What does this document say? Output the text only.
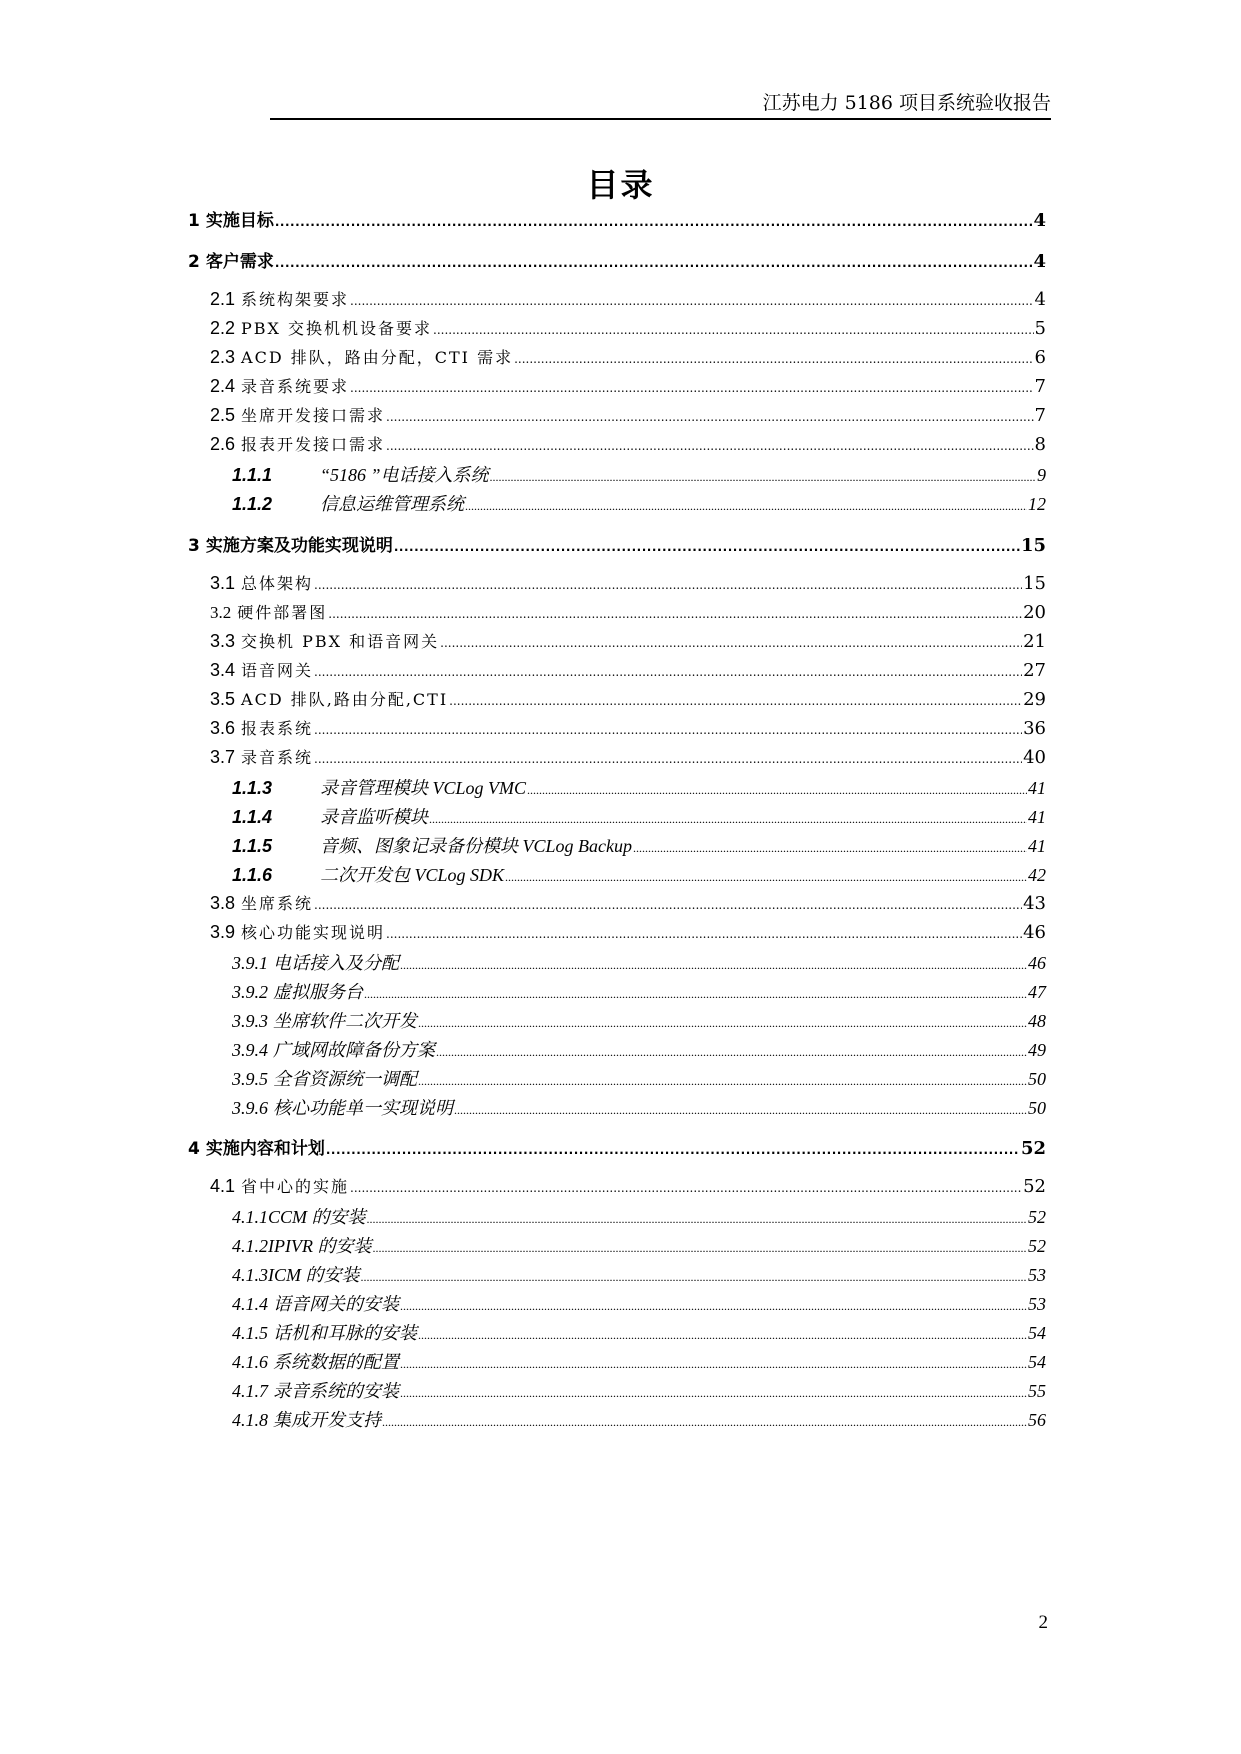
江苏电力 5186 项目系统验收报告
目录
1 实施目标 .....	4
2 客户需求 .....	4
2.1 系统构架要求 .....	4
2.2 PBX 交换机机设备要求 .....	5
2.3 ACD 排队，路由分配，CTI 需求 .....	6
2.4 录音系统要求 .....	7
2.5 坐席开发接口需求 .....	7
2.6 报表开发接口需求 .....	8
1.1.1	“5186 ”电话接入系统 .....	9
1.1.2	信息运维管理系统 .....	12
3 实施方案及功能实现说明 .....	15
3.1 总体架构 .....	15
3.2 硬件部署图 .....	20
3.3 交换机 PBX 和语音网关 .....	21
3.4 语音网关 .....	27
3.5 ACD 排队,路由分配,CTI .....	29
3.6 报表系统 .....	36
3.7 录音系统 .....	40
1.1.3	录音管理模块 VCLog VMC .....	41
1.1.4	录音监听模块 .....	41
1.1.5	音频、图象记录备份模块 VCLog Backup .....	41
1.1.6	二次开发包 VCLog SDK .....	42
3.8 坐席系统 .....	43
3.9 核心功能实现说明 .....	46
3.9.1 电话接入及分配 .....	46
3.9.2 虚拟服务台 .....	47
3.9.3 坐席软件二次开发 .....	48
3.9.4 广域网故障备份方案 .....	49
3.9.5 全省资源统一调配 .....	50
3.9.6 核心功能单一实现说明 .....	50
4 实施内容和计划 .....	52
4.1 省中心的实施 .....	52
4.1.1 CCM 的安装 .....	52
4.1.2 IPIVR 的安装 .....	52
4.1.3 ICM 的安装 .....	53
4.1.4 语音网关的安装 .....	53
4.1.5 话机和耳脉的安装 .....	54
4.1.6 系统数据的配置 .....	54
4.1.7 录音系统的安装 .....	55
4.1.8 集成开发支持 .....	56
2
